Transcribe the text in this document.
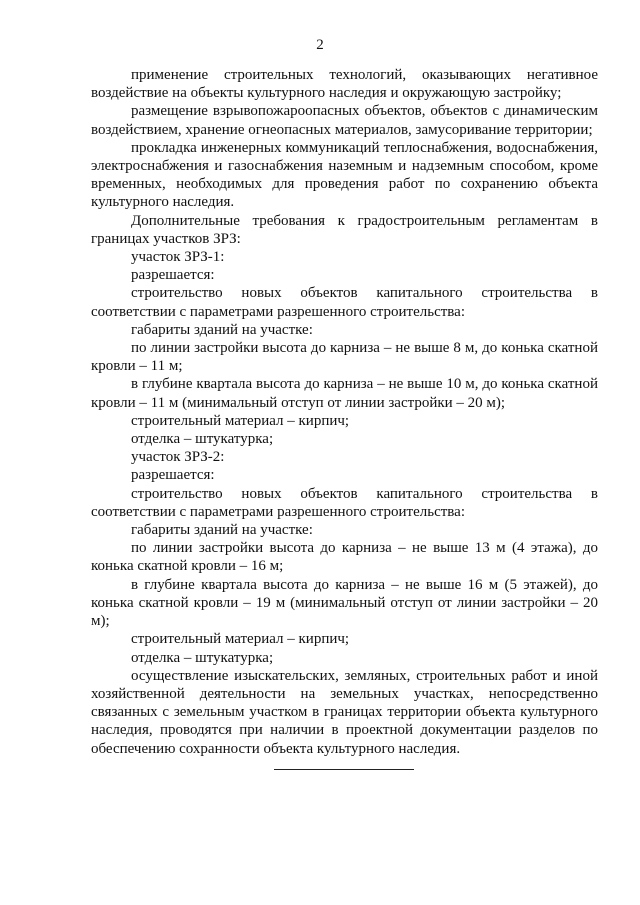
2

применение строительных технологий, оказывающих негативное воздействие на объекты культурного наследия и окружающую застройку;

размещение взрывопожароопасных объектов, объектов с динамическим воздействием, хранение огнеопасных материалов, замусоривание территории;

прокладка инженерных коммуникаций теплоснабжения, водоснабжения, электроснабжения и газоснабжения наземным и надземным способом, кроме временных, необходимых для проведения работ по сохранению объекта культурного наследия.

Дополнительные требования к градостроительным регламентам в границах участков ЗРЗ:

участок ЗРЗ-1:

разрешается:

строительство новых объектов капитального строительства в соответствии с параметрами разрешенного строительства:

габариты зданий на участке:

по линии застройки высота до карниза – не выше 8 м, до конька скатной кровли – 11 м;

в глубине квартала высота до карниза – не выше 10 м, до конька скатной кровли – 11 м (минимальный отступ от линии застройки – 20 м);

строительный материал – кирпич;

отделка – штукатурка;

участок ЗРЗ-2:

разрешается:

строительство новых объектов капитального строительства в соответствии с параметрами разрешенного строительства:

габариты зданий на участке:

по линии застройки высота до карниза – не выше 13 м (4 этажа), до конька скатной кровли – 16 м;

в глубине квартала высота до карниза – не выше 16 м (5 этажей), до конька скатной кровли – 19 м (минимальный отступ от линии застройки – 20 м);

строительный материал – кирпич;

отделка – штукатурка;

осуществление изыскательских, земляных, строительных работ и иной хозяйственной деятельности на земельных участках, непосредственно связанных с земельным участком в границах территории объекта культурного наследия, проводятся при наличии в проектной документации разделов по обеспечению сохранности объекта культурного наследия.
